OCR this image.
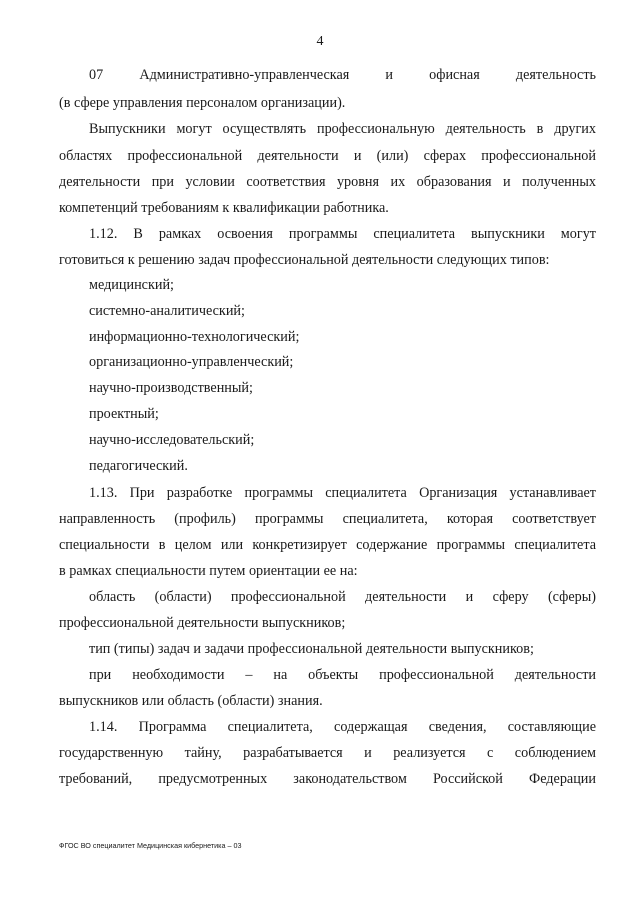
4
07 Административно-управленческая и офисная деятельность
(в сфере управления персоналом организации).
Выпускники могут осуществлять профессиональную деятельность в других
областях профессиональной деятельности и (или) сферах профессиональной
деятельности при условии соответствия уровня их образования и полученных
компетенций требованиям к квалификации работника.
1.12. В рамках освоения программы специалитета выпускники могут
готовиться к решению задач профессиональной деятельности следующих типов:
медицинский;
системно-аналитический;
информационно-технологический;
организационно-управленческий;
научно-производственный;
проектный;
научно-исследовательский;
педагогический.
1.13. При разработке программы специалитета Организация устанавливает
направленность (профиль) программы специалитета, которая соответствует
специальности в целом или конкретизирует содержание программы специалитета
в рамках специальности путем ориентации ее на:
область (области) профессиональной деятельности и сферу (сферы)
профессиональной деятельности выпускников;
тип (типы) задач и задачи профессиональной деятельности выпускников;
при необходимости – на объекты профессиональной деятельности
выпускников или область (области) знания.
1.14. Программа специалитета, содержащая сведения, составляющие
государственную тайну, разрабатывается и реализуется с соблюдением
требований, предусмотренных законодательством Российской Федерации
ФГОС ВО специалитет Медицинская кибернетика – 03
